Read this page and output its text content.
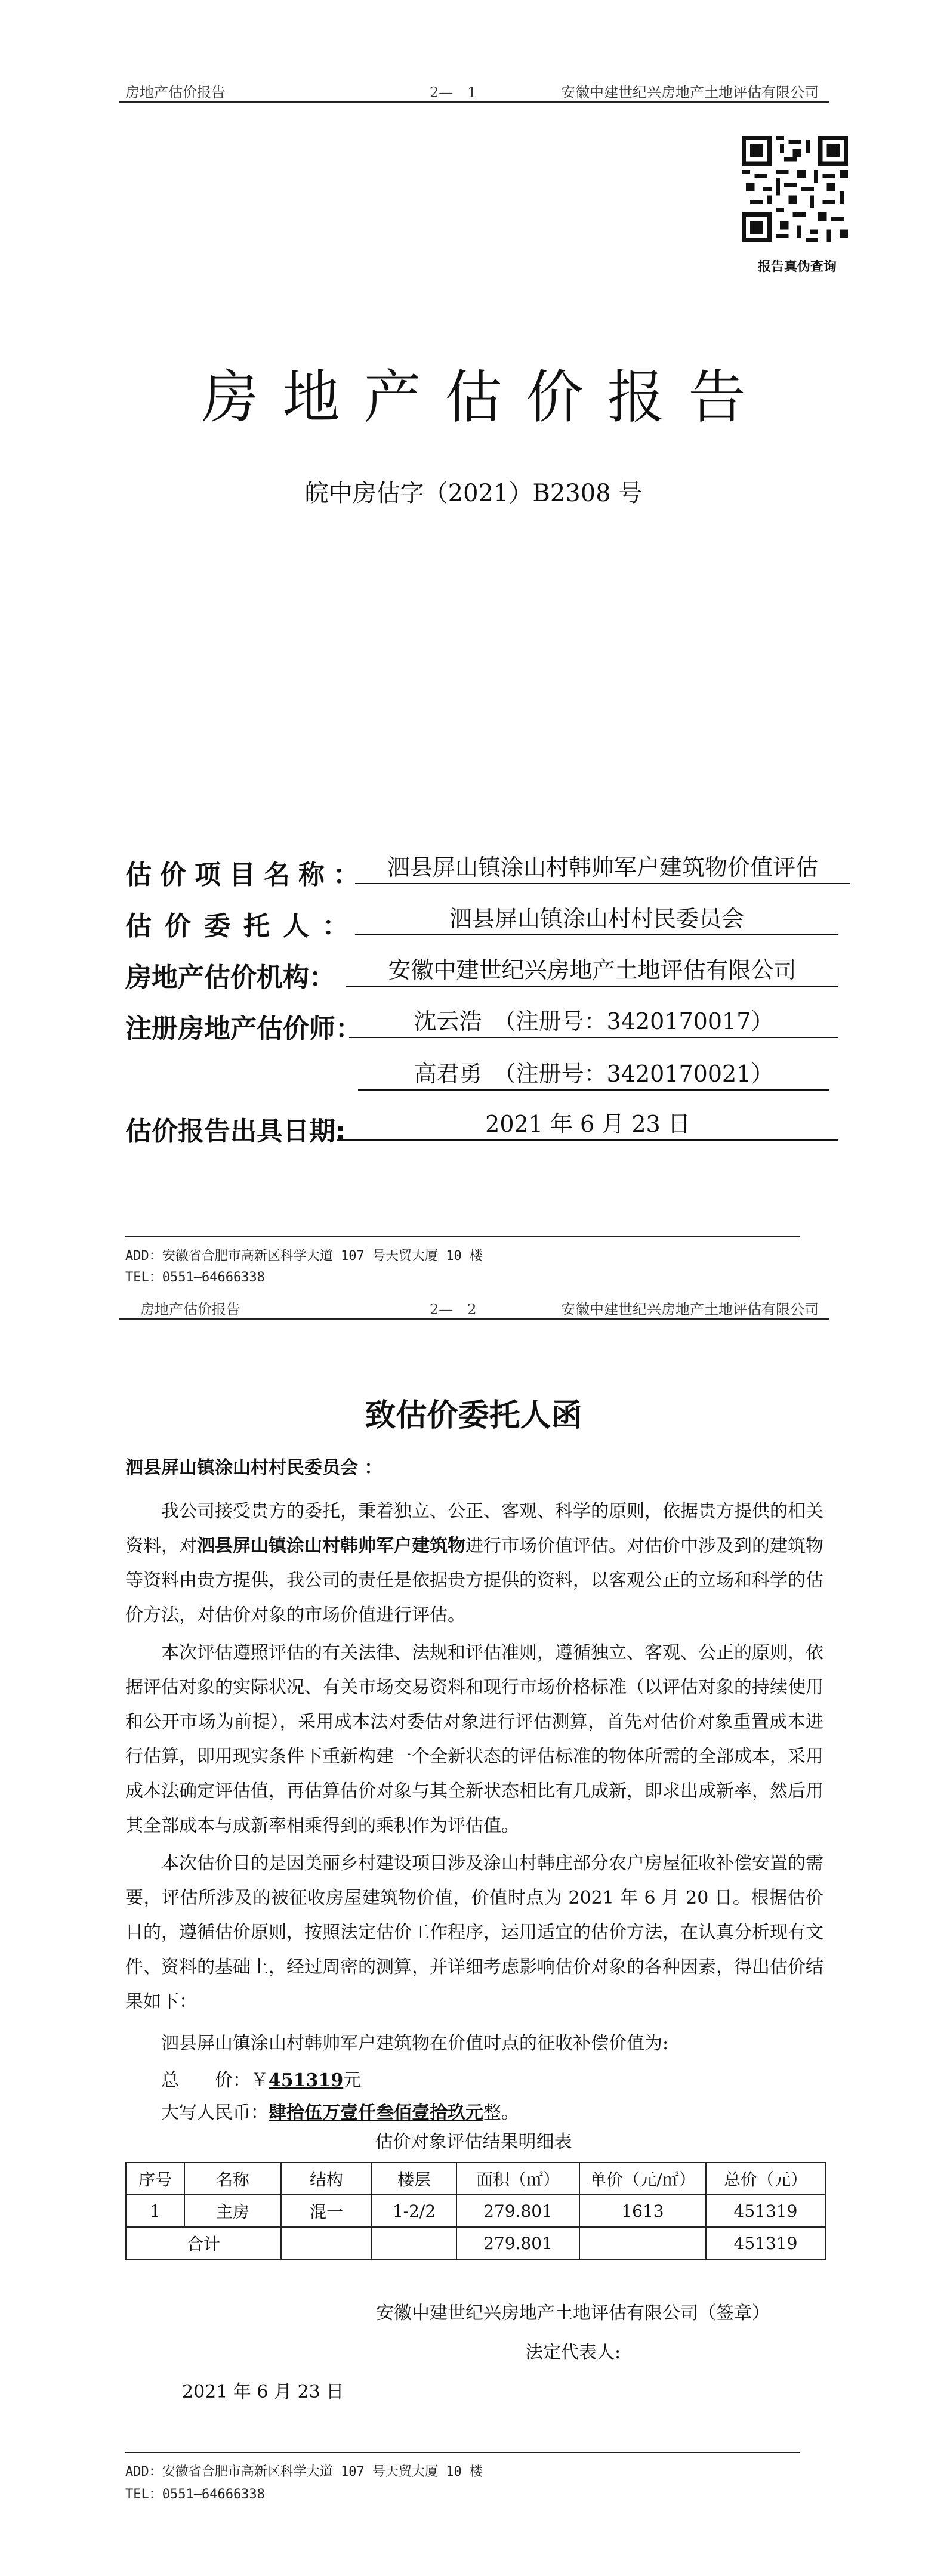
房地产估价报告	2—　1	安徽中建世纪兴房地产土地评估有限公司
报告真伪查询
房地产估价报告
皖中房估字（2021）B2308 号
估价项目名称： 泗县屏山镇涂山村韩帅军户建筑物价值评估
估价委托人：	泗县屏山镇涂山村村民委员会
房地产估价机构：	安徽中建世纪兴房地产土地评估有限公司
注册房地产估价师：	沈云浩　（注册号：3420170017）
高君勇　（注册号：3420170021）
估价报告出具日期:	2021 年 6 月 23 日
ADD：安徽省合肥市高新区科学大道 107 号天贸大厦 10 楼
TEL：0551—64666338
房地产估价报告	2—　2	安徽中建世纪兴房地产土地评估有限公司
致估价委托人函
泗县屏山镇涂山村村民委员会 ：
我公司接受贵方的委托，秉着独立、公正、客观、科学的原则，依据贵方提供的相关资料，对泗县屏山镇涂山村韩帅军户建筑物进行市场价值评估。对估价中涉及到的建筑物等资料由贵方提供，我公司的责任是依据贵方提供的资料，以客观公正的立场和科学的估价方法，对估价对象的市场价值进行评估。
本次评估遵照评估的有关法律、法规和评估准则，遵循独立、客观、公正的原则，依据评估对象的实际状况、有关市场交易资料和现行市场价格标准（以评估对象的持续使用和公开市场为前提），采用成本法对委估对象进行评估测算，首先对估价对象重置成本进行估算，即用现实条件下重新构建一个全新状态的评估标准的物体所需的全部成本，采用成本法确定评估值，再估算估价对象与其全新状态相比有几成新，即求出成新率，然后用其全部成本与成新率相乘得到的乘积作为评估值。
本次估价目的是因美丽乡村建设项目涉及涂山村韩庄部分农户房屋征收补偿安置的需要，评估所涉及的被征收房屋建筑物价值，价值时点为 2021 年 6 月 20 日。根据估价目的，遵循估价原则，按照法定估价工作程序，运用适宜的估价方法，在认真分析现有文件、资料的基础上，经过周密的测算，并详细考虑影响估价对象的各种因素，得出估价结果如下：
泗县屏山镇涂山村韩帅军户建筑物在价值时点的征收补偿价值为:
总　　价：￥451319元
大写人民币：肆拾伍万壹仟叁佰壹拾玖元整。
估价对象评估结果明细表
序号	名称	结构	楼层	面积（㎡）	单价（元/㎡）	总价（元）
1	主房	混一	1-2/2	279.801	1613	451319
合计				279.801		451319
安徽中建世纪兴房地产土地评估有限公司（签章）
法定代表人:
2021 年 6 月 23 日
ADD：安徽省合肥市高新区科学大道 107 号天贸大厦 10 楼
TEL：0551—64666338
